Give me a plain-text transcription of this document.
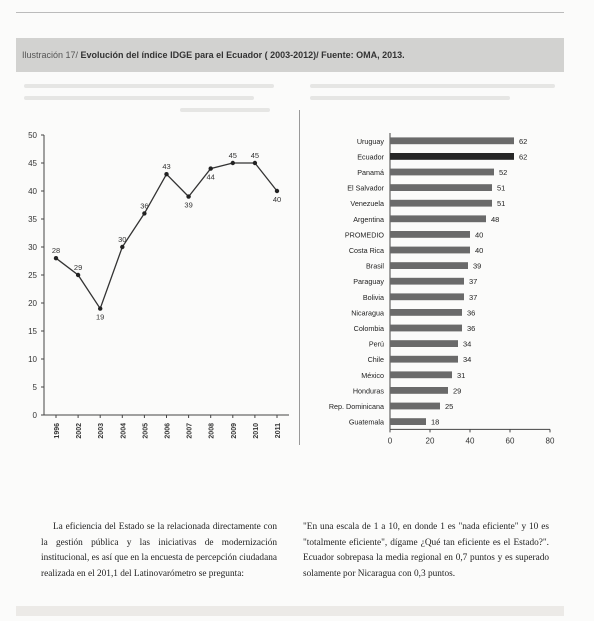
Ilustración 17/ Evolución del índice IDGE para el Ecuador ( 2003-2012)/ Fuente: OMA, 2013.
0
5
10
15
20
25
30
35
40
45
50
1996 2002 2003 2004 2005 2006 2007 2008 2009 2010 2011
28
29
19
30
36
43
39
44
45 45
40
0	20	40	60	80
Uruguay	62
Ecuador	62
Panamá	52
El Salvador	51
Venezuela	51
Argentina	48
PROMEDIO	40
Costa Rica	40
Brasil	39
Paraguay	37
Bolivia	37
Nicaragua	36
Colombia	36
Perú	34
Chile	34
México	31
Honduras	29
Rep. Dominicana	25
Guatemala	18

La eficiencia del Estado se la relacionada directamente con la gestión pública y las iniciativas de modernización institucional, es así que en la encuesta de percepción ciudadana realizada en el 201,1 del Latinovarómetro se pregunta:

"En una escala de 1 a 10, en donde 1 es "nada eficiente" y 10 es "totalmente eficiente", dígame ¿Qué tan eficiente es el Estado?". Ecuador sobrepasa la media regional en 0,7 puntos y es superado solamente por Nicaragua con 0,3 puntos.
